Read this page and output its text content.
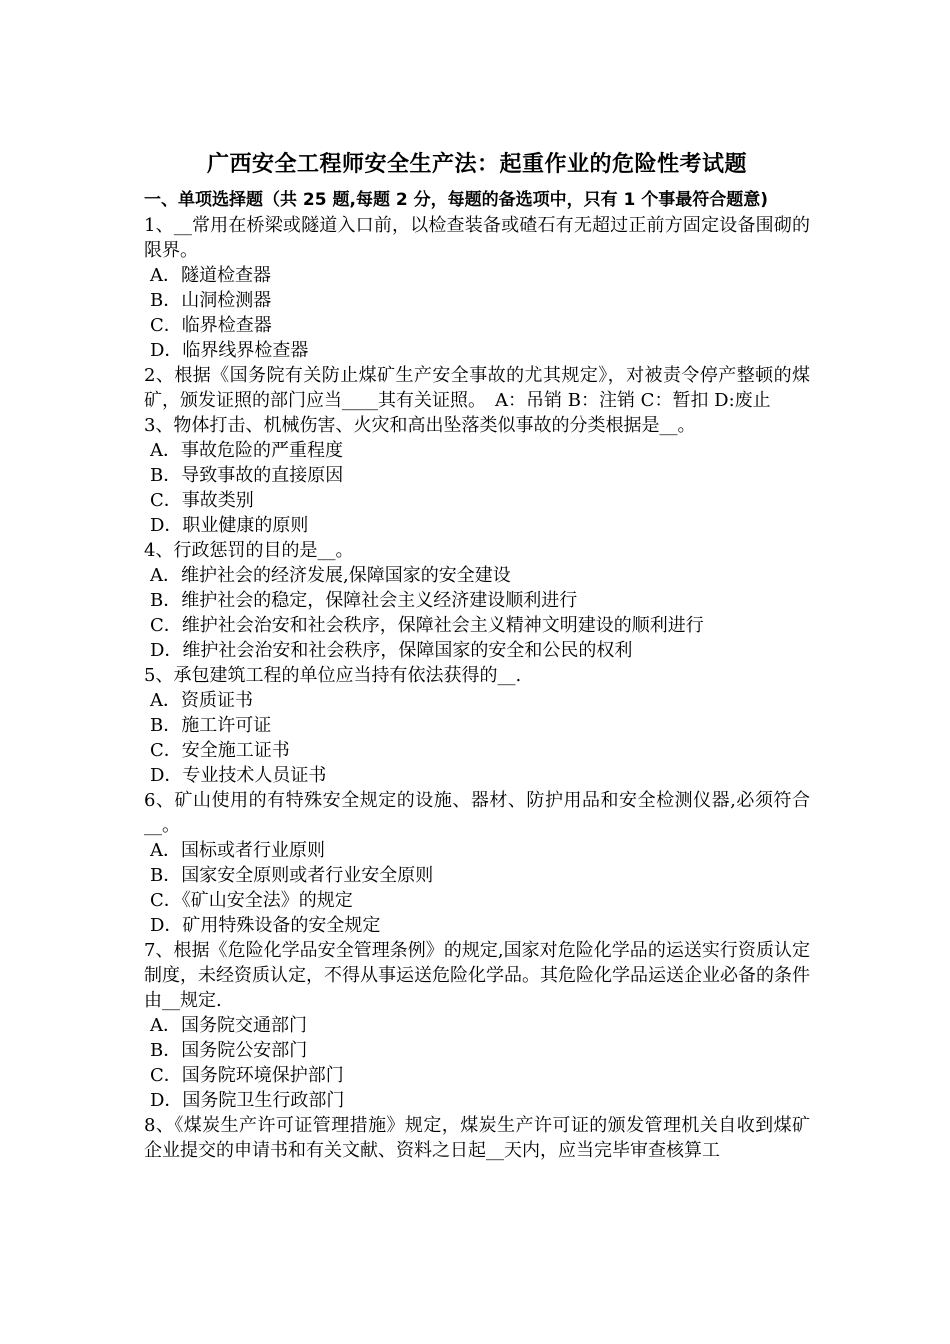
广西安全工程师安全生产法：起重作业的危险性考试题

一、单项选择题（共 25 题,每题 2 分，每题的备选项中，只有 1 个事最符合题意)

1、__常用在桥梁或隧道入口前，以检查装备或碴石有无超过正前方固定设备围砌的限界。

A．隧道检查器

B．山洞检测器

C．临界检查器

D．临界线界检查器

2、根据《国务院有关防止煤矿生产安全事故的尤其规定》，对被责令停产整顿的煤矿，颁发证照的部门应当____其有关证照。　A：吊销 B：注销 C：暂扣 D:废止

3、物体打击、机械伤害、火灾和高出坠落类似事故的分类根据是__。

A．事故危险的严重程度

B．导致事故的直接原因

C．事故类别

D．职业健康的原则

4、行政惩罚的目的是__。

A．维护社会的经济发展,保障国家的安全建设

B．维护社会的稳定，保障社会主义经济建设顺利进行

C．维护社会治安和社会秩序，保障社会主义精神文明建设的顺利进行

D．维护社会治安和社会秩序，保障国家的安全和公民的权利

5、承包建筑工程的单位应当持有依法获得的__.

A．资质证书

B．施工许可证

C．安全施工证书

D．专业技术人员证书

6、矿山使用的有特殊安全规定的设施、器材、防护用品和安全检测仪器,必须符合__。

A．国标或者行业原则

B．国家安全原则或者行业安全原则

C．《矿山安全法》的规定

D．矿用特殊设备的安全规定

7、根据《危险化学品安全管理条例》的规定,国家对危险化学品的运送实行资质认定制度，未经资质认定，不得从事运送危险化学品。其危险化学品运送企业必备的条件由__规定.

A．国务院交通部门

B．国务院公安部门

C．国务院环境保护部门

D．国务院卫生行政部门

8、《煤炭生产许可证管理措施》规定，煤炭生产许可证的颁发管理机关自收到煤矿企业提交的申请书和有关文献、资料之日起__天内，应当完毕审查核算工
